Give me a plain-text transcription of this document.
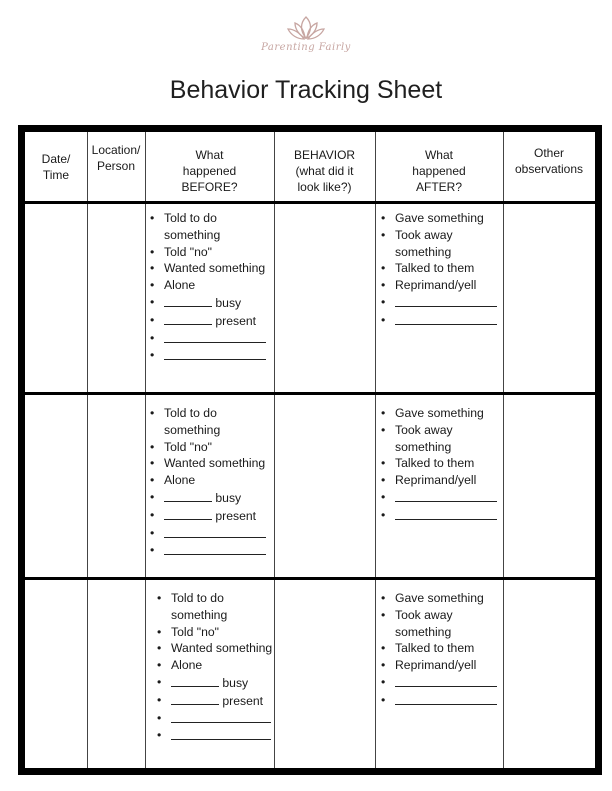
Parenting Fairly
Behavior Tracking Sheet
Date/
Time
Location/
Person
What
happened
BEFORE?
BEHAVIOR
(what did it
look like?)
What
happened
AFTER?
Other
observations
• Told to do something
• Told "no"
• Wanted something
• Alone
• busy
• present
•
•
• Gave something
• Took away something
• Talked to them
• Reprimand/yell
•
•
• Told to do something
• Told "no"
• Wanted something
• Alone
• busy
• present
•
•
• Gave something
• Took away something
• Talked to them
• Reprimand/yell
•
•
• Told to do something
• Told "no"
• Wanted something
• Alone
• busy
• present
•
•
• Gave something
• Took away something
• Talked to them
• Reprimand/yell
•
•
